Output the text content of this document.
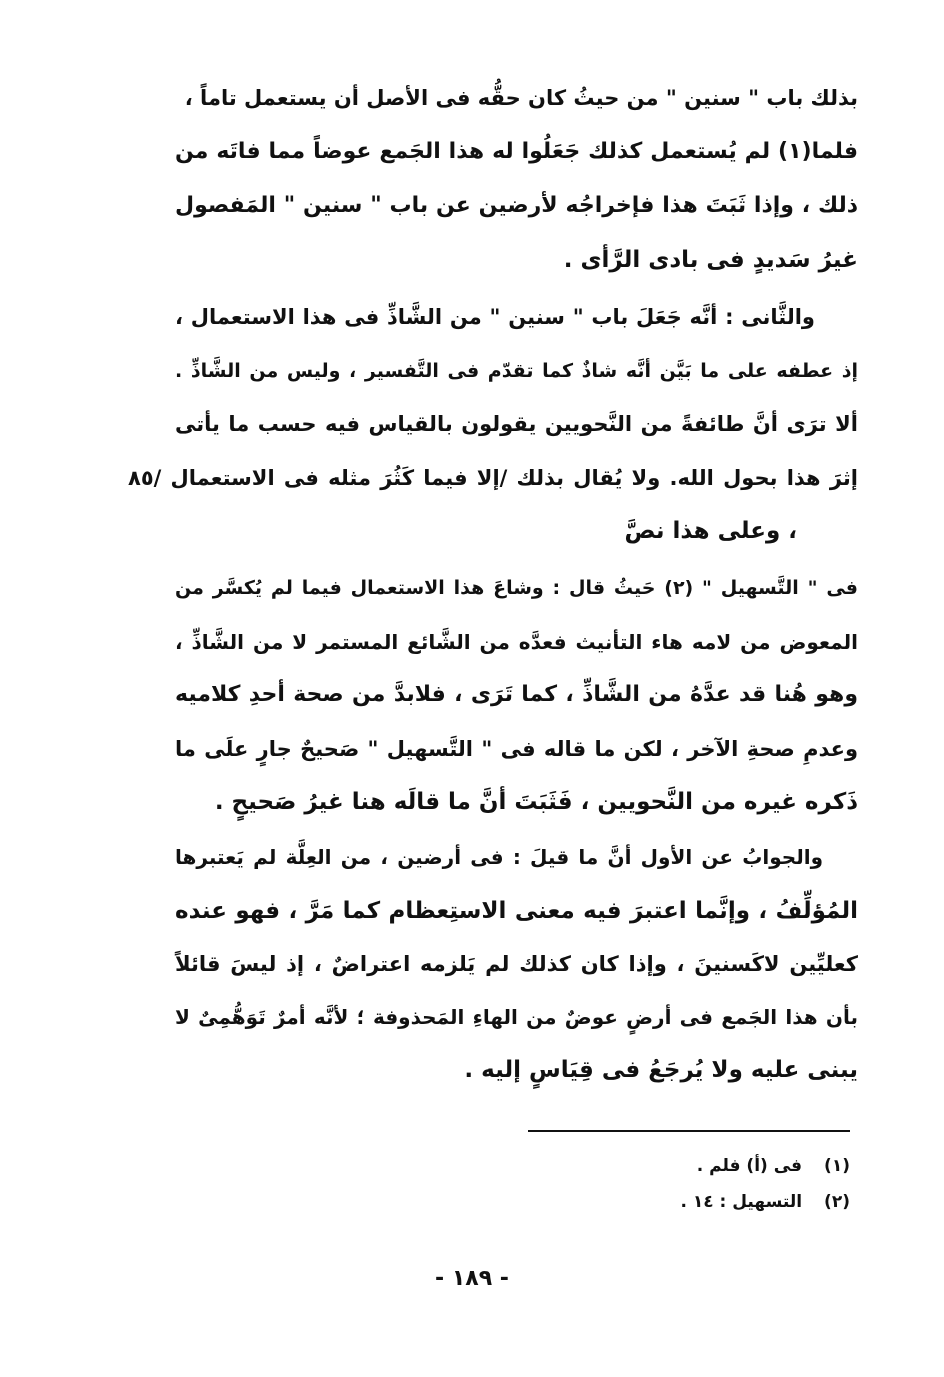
بذلك باب " سنين " من حيثُ كان حقُّه فى الأصل أن يستعمل تاماً ،
فلما(١) لم يُستعمل كذلك جَعَلُوا له هذا الجَمع عوضاً مما فاتَه من
ذلك ، وإذا ثَبَتَ هذا فإخراجُه لأرضين عن باب " سنين " المَفصول
غيرُ سَديدٍ فى بادى الرَّأى .
والثَّانى : أنَّه جَعَلَ باب " سنين " من الشَّاذِّ فى هذا الاستعمال ،
إذ عطفه على ما بَيَّن أنَّه شاذٌ كما تقدّم فى التَّفسير ، وليس من الشَّاذِّ .
ألا ترَى أنَّ طائفةً من النَّحويين يقولون بالقياس فيه حسب ما يأتى
إثرَ هذا بحول الله. ولا يُقال بذلك /إلا فيما كَثُرَ مثله فى الاستعمال /٨٥
، وعلى هذا نصَّ
فى " التَّسهيل " (٢) حَيثُ قال : وشاعَ هذا الاستعمال فيما لم يُكسَّر من
المعوض من لامه هاء التأنيث فعدَّه من الشَّائع المستمر لا من الشَّاذِّ ،
وهو هُنا قد عدَّهُ من الشَّاذِّ ، كما تَرَى ، فلابدَّ من صحة أحدِ كلاميه
وعدمِ صحةِ الآخر ، لكن ما قاله فى " التَّسهيل " صَحيحٌ جارٍ علَى ما
ذَكره غيره من النَّحويين ، فَثَبَتَ أنَّ ما قالَه هنا غيرُ صَحيحٍ .
والجوابُ عن الأول أنَّ ما قيلَ : فى أرضين ، من العِلَّة لم يَعتبرها
المُؤلِّفُ ، وإنَّما اعتبرَ فيه معنى الاستِعظام كما مَرَّ ، فهو عنده
كعليِّين لاكَسنينَ ، وإذا كان كذلك لم يَلزمه اعتراضٌ ، إذ ليسَ قائلاً
بأن هذا الجَمع فى أرضٍ عوضٌ من الهاءِ المَحذوفة ؛ لأنَّه أمرٌ تَوَهُّمِىٌ لا
يبنى عليه ولا يُرجَعُ فى قِيَاسٍ إليه .
(١)فى (أ) فلم .
(٢)التسهيل : ١٤ .
- ١٨٩ -
